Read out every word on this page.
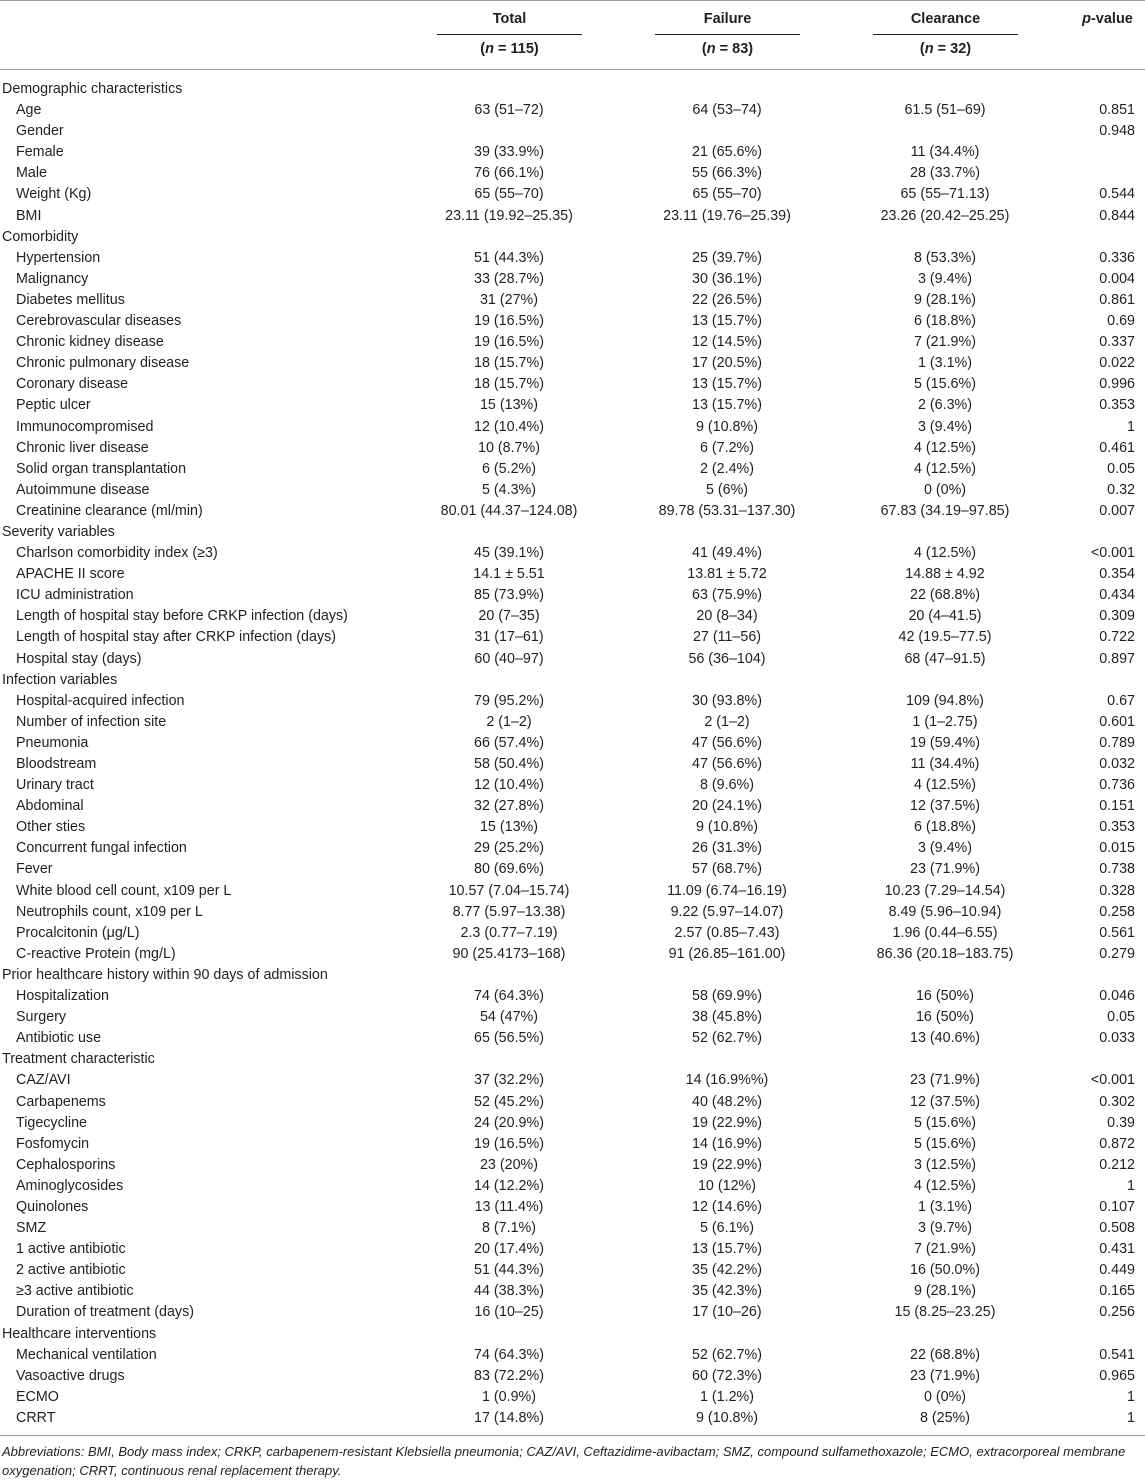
Total	Failure	Clearance	p-value
(n = 115)	(n = 83)	(n = 32)
Demographic characteristics				
Age	63 (51–72)	64 (53–74)	61.5 (51–69)	0.851
Gender				0.948
Female	39 (33.9%)	21 (65.6%)	11 (34.4%)	
Male	76 (66.1%)	55 (66.3%)	28 (33.7%)	
Weight (Kg)	65 (55–70)	65 (55–70)	65 (55–71.13)	0.544
BMI	23.11 (19.92–25.35)	23.11 (19.76–25.39)	23.26 (20.42–25.25)	0.844
Comorbidity				
Hypertension	51 (44.3%)	25 (39.7%)	8 (53.3%)	0.336
Malignancy	33 (28.7%)	30 (36.1%)	3 (9.4%)	0.004
Diabetes mellitus	31 (27%)	22 (26.5%)	9 (28.1%)	0.861
Cerebrovascular diseases	19 (16.5%)	13 (15.7%)	6 (18.8%)	0.69
Chronic kidney disease	19 (16.5%)	12 (14.5%)	7 (21.9%)	0.337
Chronic pulmonary disease	18 (15.7%)	17 (20.5%)	1 (3.1%)	0.022
Coronary disease	18 (15.7%)	13 (15.7%)	5 (15.6%)	0.996
Peptic ulcer	15 (13%)	13 (15.7%)	2 (6.3%)	0.353
Immunocompromised	12 (10.4%)	9 (10.8%)	3 (9.4%)	1
Chronic liver disease	10 (8.7%)	6 (7.2%)	4 (12.5%)	0.461
Solid organ transplantation	6 (5.2%)	2 (2.4%)	4 (12.5%)	0.05
Autoimmune disease	5 (4.3%)	5 (6%)	0 (0%)	0.32
Creatinine clearance (ml/min)	80.01 (44.37–124.08)	89.78 (53.31–137.30)	67.83 (34.19–97.85)	0.007
Severity variables				
Charlson comorbidity index (≥3)	45 (39.1%)	41 (49.4%)	4 (12.5%)	<0.001
APACHE II score	14.1 ± 5.51	13.81 ± 5.72	14.88 ± 4.92	0.354
ICU administration	85 (73.9%)	63 (75.9%)	22 (68.8%)	0.434
Length of hospital stay before CRKP infection (days)	20 (7–35)	20 (8–34)	20 (4–41.5)	0.309
Length of hospital stay after CRKP infection (days)	31 (17–61)	27 (11–56)	42 (19.5–77.5)	0.722
Hospital stay (days)	60 (40–97)	56 (36–104)	68 (47–91.5)	0.897
Infection variables				
Hospital-acquired infection	79 (95.2%)	30 (93.8%)	109 (94.8%)	0.67
Number of infection site	2 (1–2)	2 (1–2)	1 (1–2.75)	0.601
Pneumonia	66 (57.4%)	47 (56.6%)	19 (59.4%)	0.789
Bloodstream	58 (50.4%)	47 (56.6%)	11 (34.4%)	0.032
Urinary tract	12 (10.4%)	8 (9.6%)	4 (12.5%)	0.736
Abdominal	32 (27.8%)	20 (24.1%)	12 (37.5%)	0.151
Other sties	15 (13%)	9 (10.8%)	6 (18.8%)	0.353
Concurrent fungal infection	29 (25.2%)	26 (31.3%)	3 (9.4%)	0.015
Fever	80 (69.6%)	57 (68.7%)	23 (71.9%)	0.738
White blood cell count, x109 per L	10.57 (7.04–15.74)	11.09 (6.74–16.19)	10.23 (7.29–14.54)	0.328
Neutrophils count, x109 per L	8.77 (5.97–13.38)	9.22 (5.97–14.07)	8.49 (5.96–10.94)	0.258
Procalcitonin (μg/L)	2.3 (0.77–7.19)	2.57 (0.85–7.43)	1.96 (0.44–6.55)	0.561
C-reactive Protein (mg/L)	90 (25.4173–168)	91 (26.85–161.00)	86.36 (20.18–183.75)	0.279
Prior healthcare history within 90 days of admission				
Hospitalization	74 (64.3%)	58 (69.9%)	16 (50%)	0.046
Surgery	54 (47%)	38 (45.8%)	16 (50%)	0.05
Antibiotic use	65 (56.5%)	52 (62.7%)	13 (40.6%)	0.033
Treatment characteristic				
CAZ/AVI	37 (32.2%)	14 (16.9%%)	23 (71.9%)	<0.001
Carbapenems	52 (45.2%)	40 (48.2%)	12 (37.5%)	0.302
Tigecycline	24 (20.9%)	19 (22.9%)	5 (15.6%)	0.39
Fosfomycin	19 (16.5%)	14 (16.9%)	5 (15.6%)	0.872
Cephalosporins	23 (20%)	19 (22.9%)	3 (12.5%)	0.212
Aminoglycosides	14 (12.2%)	10 (12%)	4 (12.5%)	1
Quinolones	13 (11.4%)	12 (14.6%)	1 (3.1%)	0.107
SMZ	8 (7.1%)	5 (6.1%)	3 (9.7%)	0.508
1 active antibiotic	20 (17.4%)	13 (15.7%)	7 (21.9%)	0.431
2 active antibiotic	51 (44.3%)	35 (42.2%)	16 (50.0%)	0.449
≥3 active antibiotic	44 (38.3%)	35 (42.3%)	9 (28.1%)	0.165
Duration of treatment (days)	16 (10–25)	17 (10–26)	15 (8.25–23.25)	0.256
Healthcare interventions				
Mechanical ventilation	74 (64.3%)	52 (62.7%)	22 (68.8%)	0.541
Vasoactive drugs	83 (72.2%)	60 (72.3%)	23 (71.9%)	0.965
ECMO	1 (0.9%)	1 (1.2%)	0 (0%)	1
CRRT	17 (14.8%)	9 (10.8%)	8 (25%)	1
Abbreviations: BMI, Body mass index; CRKP, carbapenem-resistant Klebsiella pneumonia; CAZ/AVI, Ceftazidime-avibactam; SMZ, compound sulfamethoxazole; ECMO, extracorporeal membrane oxygenation; CRRT, continuous renal replacement therapy.
